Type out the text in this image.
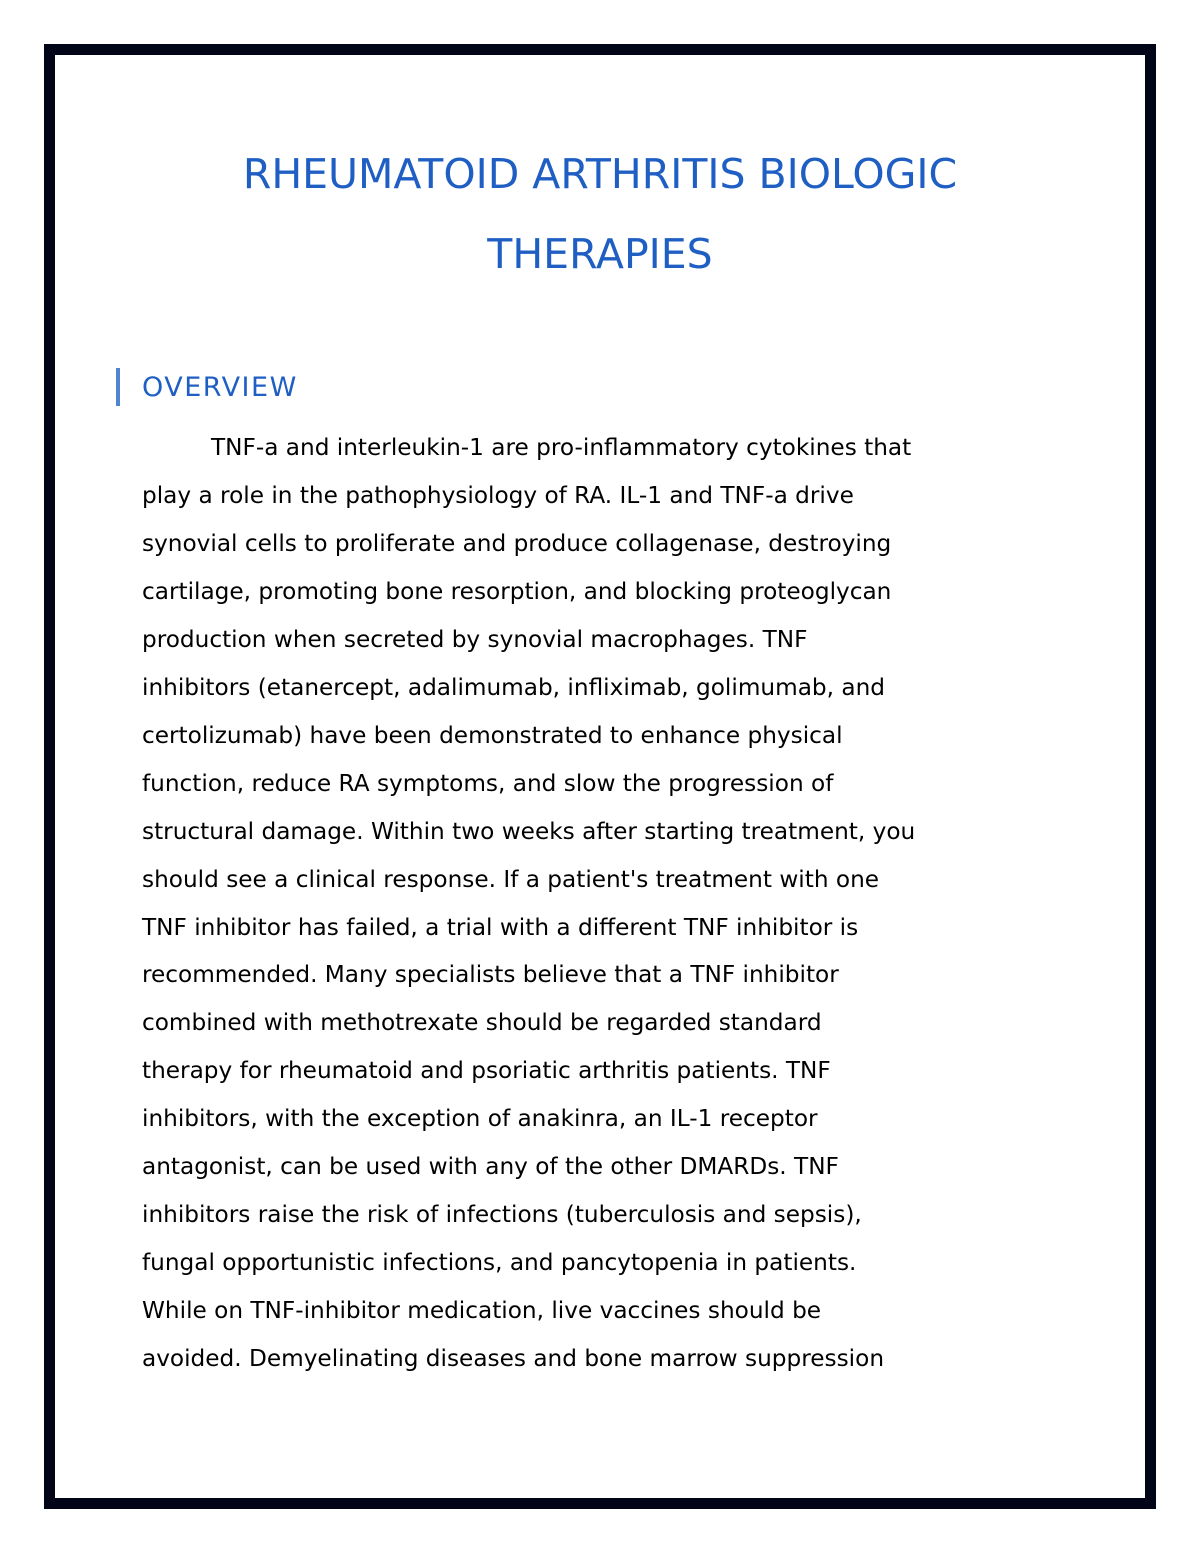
RHEUMATOID ARTHRITIS BIOLOGIC
THERAPIES
OVERVIEW

TNF-a and interleukin-1 are pro-inflammatory cytokines that
play a role in the pathophysiology of RA. IL-1 and TNF-a drive
synovial cells to proliferate and produce collagenase, destroying
cartilage, promoting bone resorption, and blocking proteoglycan
production when secreted by synovial macrophages. TNF
inhibitors (etanercept, adalimumab, infliximab, golimumab, and
certolizumab) have been demonstrated to enhance physical
function, reduce RA symptoms, and slow the progression of
structural damage. Within two weeks after starting treatment, you
should see a clinical response. If a patient's treatment with one
TNF inhibitor has failed, a trial with a different TNF inhibitor is
recommended. Many specialists believe that a TNF inhibitor
combined with methotrexate should be regarded standard
therapy for rheumatoid and psoriatic arthritis patients. TNF
inhibitors, with the exception of anakinra, an IL-1 receptor
antagonist, can be used with any of the other DMARDs. TNF
inhibitors raise the risk of infections (tuberculosis and sepsis),
fungal opportunistic infections, and pancytopenia in patients.
While on TNF-inhibitor medication, live vaccines should be
avoided. Demyelinating diseases and bone marrow suppression
